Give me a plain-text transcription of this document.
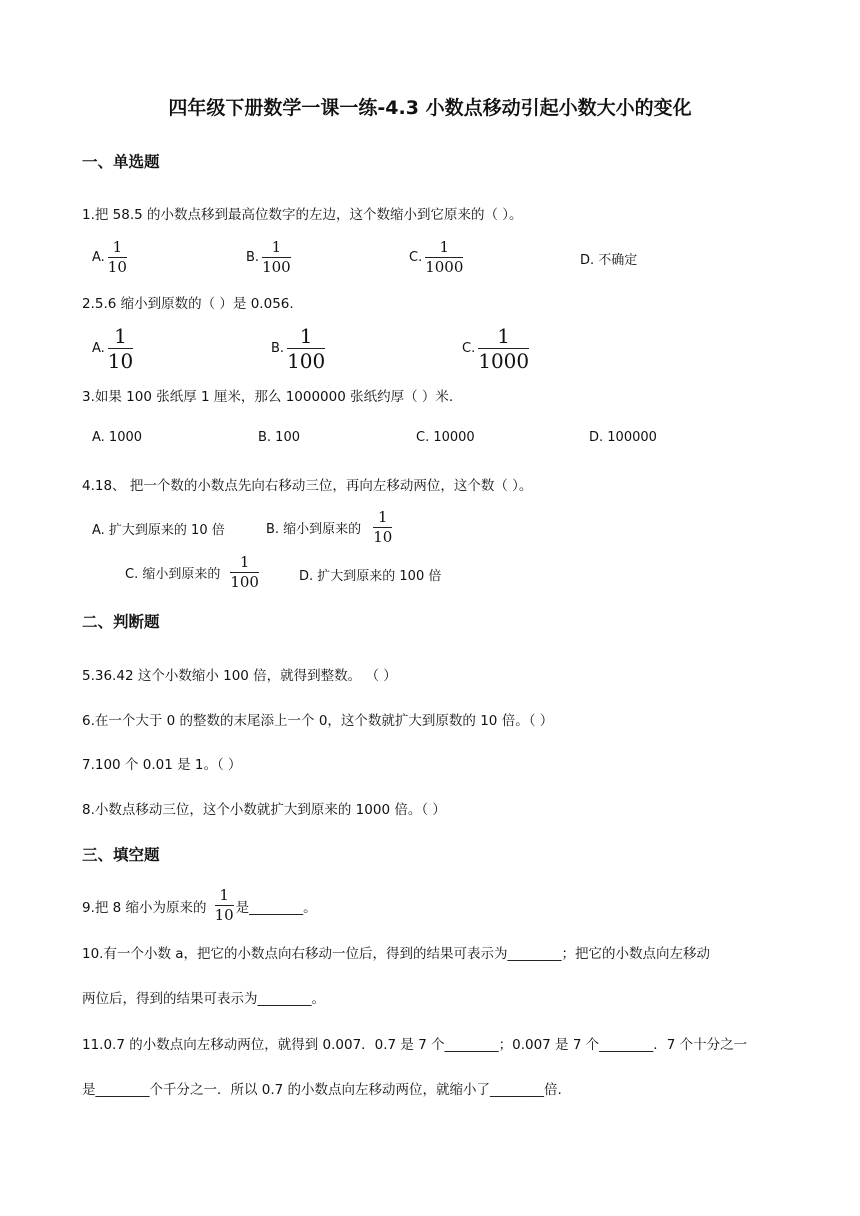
四年级下册数学一课一练-4.3 小数点移动引起小数大小的变化
一、单选题
1.把 58.5 的小数点移到最高位数字的左边，这个数缩小到它原来的（ ）。
A. $\frac{1}{10}$	B. $\frac{1}{100}$	C. $\frac{1}{1000}$	D. 不确定
2.5.6 缩小到原数的（ ）是 0.056.
A. $\frac{1}{10}$	B. $\frac{1}{100}$	C. $\frac{1}{1000}$
3.如果 100 张纸厚 1 厘米，那么 1000000 张纸约厚（ ）米.
A. 1000	B. 100	C. 10000	D. 100000
4.18、 把一个数的小数点先向右移动三位，再向左移动两位，这个数（ ）。
A. 扩大到原来的 10 倍	B. 缩小到原来的 $\frac{1}{10}$
C. 缩小到原来的 $\frac{1}{100}$	D. 扩大到原来的 100 倍
二、判断题
5.36.42 这个小数缩小 100 倍，就得到整数。 （ ）
6.在一个大于 0 的整数的末尾添上一个 0，这个数就扩大到原数的 10 倍。（ ）
7.100 个 0.01 是 1。（ ）
8.小数点移动三位，这个小数就扩大到原来的 1000 倍。（ ）
三、填空题
9.把 8 缩小为原来的 $\frac{1}{10}$ 是________。
10.有一个小数 a，把它的小数点向右移动一位后，得到的结果可表示为________；把它的小数点向左移动
两位后，得到的结果可表示为________。
11.0.7 的小数点向左移动两位，就得到 0.007．0.7 是 7 个________；0.007 是 7 个________．7 个十分之一
是________个千分之一．所以 0.7 的小数点向左移动两位，就缩小了________倍.
